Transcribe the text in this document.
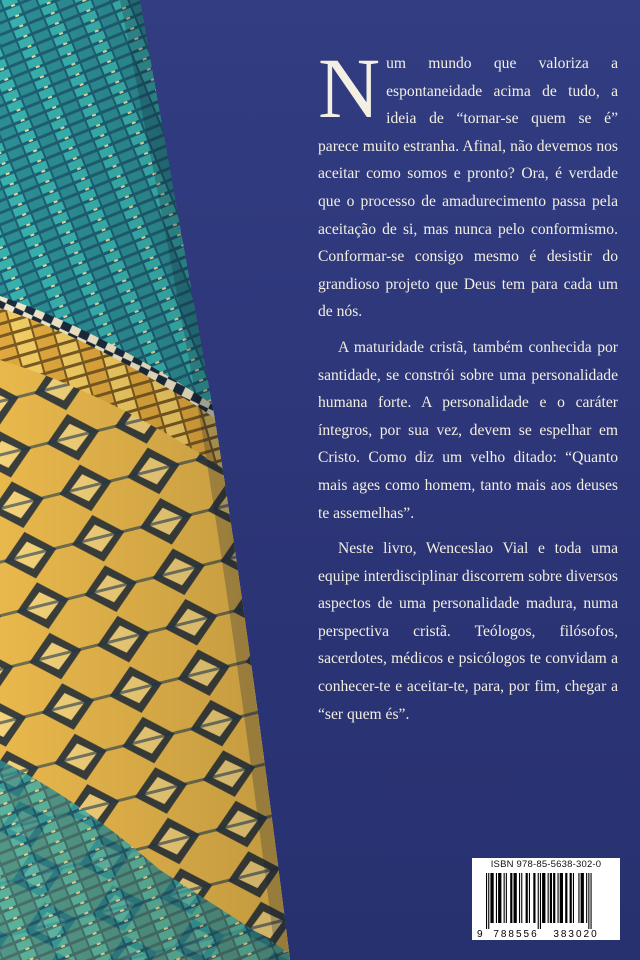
Num mundo que valoriza a espontaneidade acima de tudo, a ideia de “tornar-se quem se é” parece muito estranha. Afinal, não devemos nos aceitar como somos e pronto? Ora, é verdade que o processo de amadurecimento passa pela aceitação de si, mas nunca pelo conformismo. Conformar-se consigo mesmo é desistir do grandioso projeto que Deus tem para cada um de nós.

A maturidade cristã, também conhecida por santidade, se constrói sobre uma personalidade humana forte. A personalidade e o caráter íntegros, por sua vez, devem se espelhar em Cristo. Como diz um velho ditado: “Quanto mais ages como homem, tanto mais aos deuses te assemelhas”.

Neste livro, Wenceslao Vial e toda uma equipe interdisciplinar discorrem sobre diversos aspectos de uma personalidade madura, numa perspectiva cristã. Teólogos, filósofos, sacerdotes, médicos e psicólogos te convidam a conhecer-te e aceitar-te, para, por fim, chegar a “ser quem és”.

ISBN 978-85-5638-302-0
9 788556 383020
